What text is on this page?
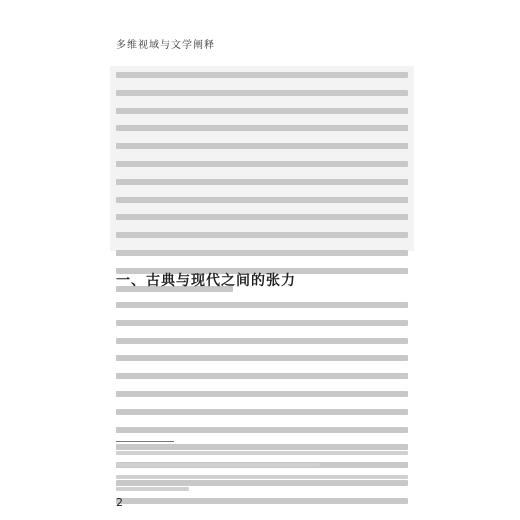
多维视域与文学阐释
一、古典与现代之间的张力
2
